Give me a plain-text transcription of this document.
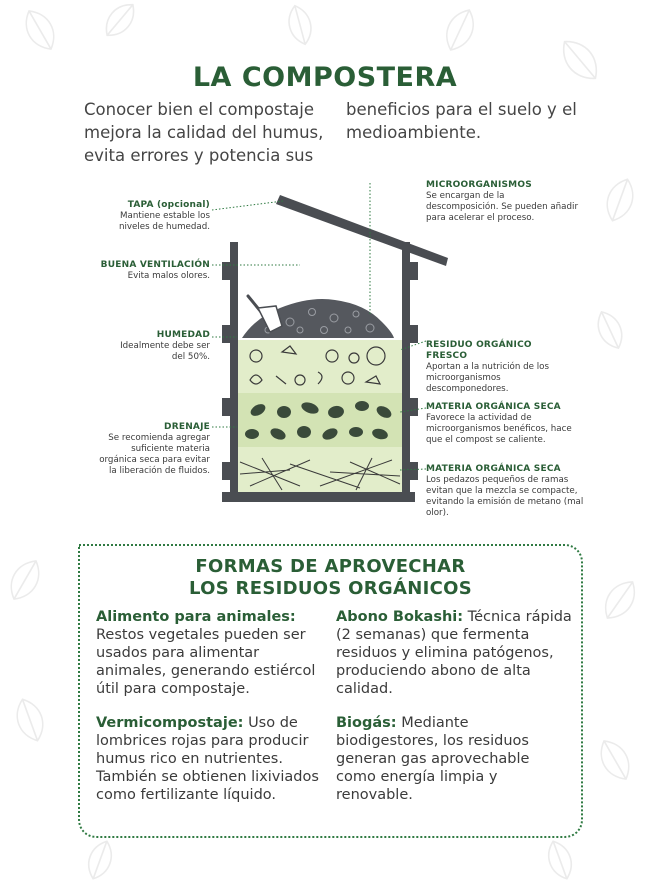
LA COMPOSTERA
Conocer bien el compostaje mejora la calidad del humus, evita errores y potencia sus
beneficios para el suelo y el medioambiente.
TAPA (opcional)
Mantiene estable los niveles de humedad.
BUENA VENTILACIÓN
Evita malos olores.
HUMEDAD
Idealmente debe ser del 50%.
DRENAJE
Se recomienda agregar suficiente materia orgánica seca para evitar la liberación de fluidos.
MICROORGANISMOS
Se encargan de la descomposición. Se pueden añadir para acelerar el proceso.
RESIDUO ORGÁNICO FRESCO
Aportan a la nutrición de los microorganismos descomponedores.
MATERIA ORGÁNICA SECA
Favorece la actividad de microorganismos benéficos, hace que el compost se caliente.
MATERIA ORGÁNICA SECA
Los pedazos pequeños de ramas evitan que la mezcla se compacte, evitando la emisión de metano (mal olor).
FORMAS DE APROVECHAR
LOS RESIDUOS ORGÁNICOS
Alimento para animales: Restos vegetales pueden ser usados para alimentar animales, generando estiércol útil para compostaje.
Abono Bokashi: Técnica rápida (2 semanas) que fermenta residuos y elimina patógenos, produciendo abono de alta calidad.
Vermicompostaje: Uso de lombrices rojas para producir humus rico en nutrientes. También se obtienen lixiviados como fertilizante líquido.
Biogás: Mediante biodigestores, los residuos generan gas aprovechable como energía limpia y renovable.
